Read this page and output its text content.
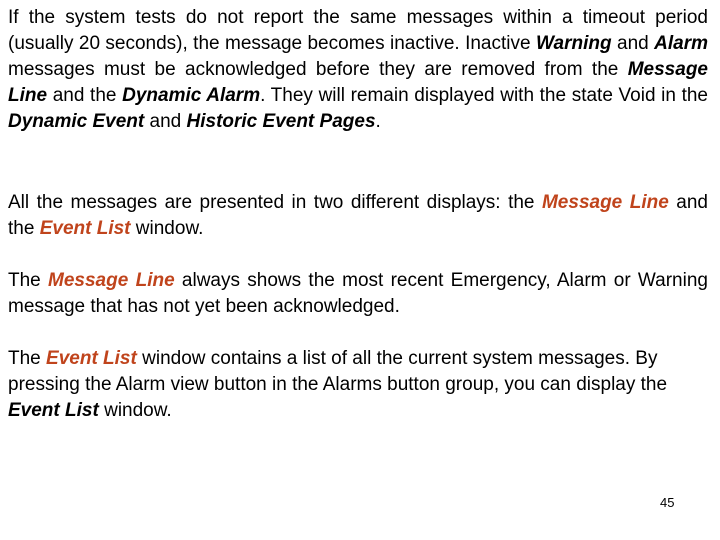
If the system tests do not report the same messages within a timeout period (usually 20 seconds), the message becomes inactive. Inactive Warning and Alarm messages must be acknowledged before they are removed from the Message Line and the Dynamic Alarm. They will remain displayed with the state Void in the Dynamic Event and Historic Event Pages.

All the messages are presented in two different displays: the Message Line and the Event List window.

The Message Line always shows the most recent Emergency, Alarm or Warning message that has not yet been acknowledged.

The Event List window contains a list of all the current system messages. By pressing the Alarm view button in the Alarms button group, you can display the Event List window.

45
